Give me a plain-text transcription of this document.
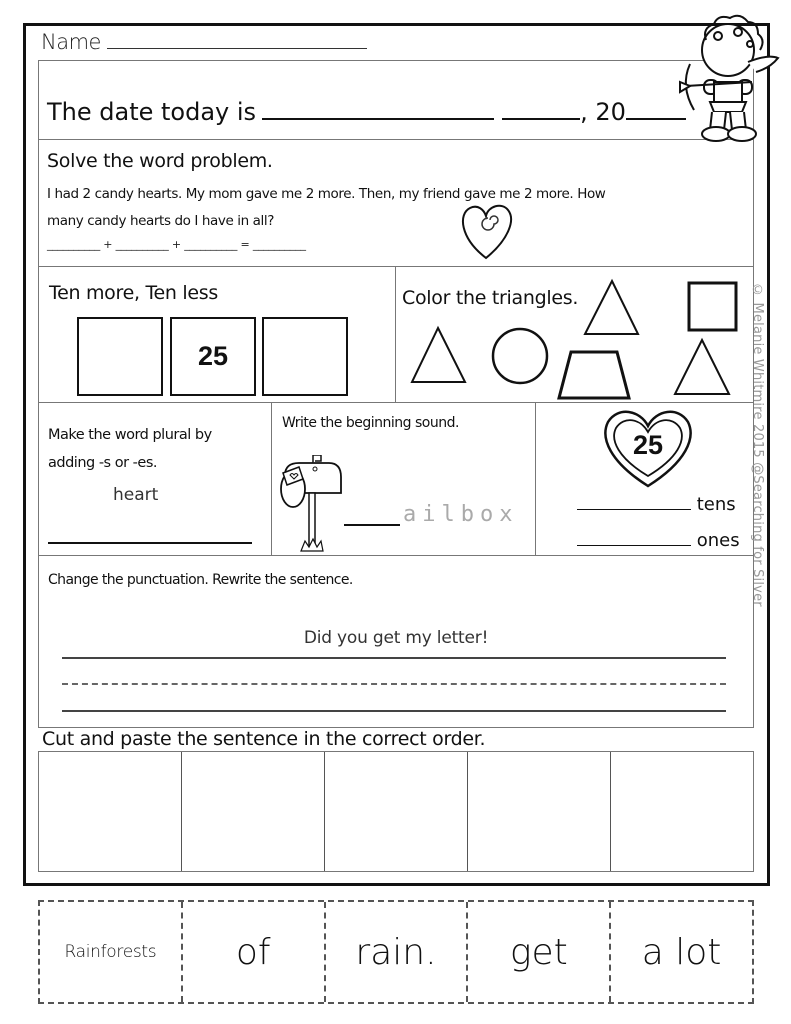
Name
The date today is	, 20
Solve the word problem.
I had 2 candy hearts. My mom gave me 2 more. Then, my friend gave me 2 more. How
many candy hearts do I have in all?
__________ + __________ + __________ = __________
Ten more, Ten less
25
Color the triangles.
Make the word plural by
adding -s or -es.
heart
Write the beginning sound.
ailbox
25
tens
ones
Change the punctuation. Rewrite the sentence.
Did you get my letter!
Cut and paste the sentence in the correct order.
© Melanie Whitmire 2015 @Searching for Silver
Rainforests	of	rain.	get	a lot
